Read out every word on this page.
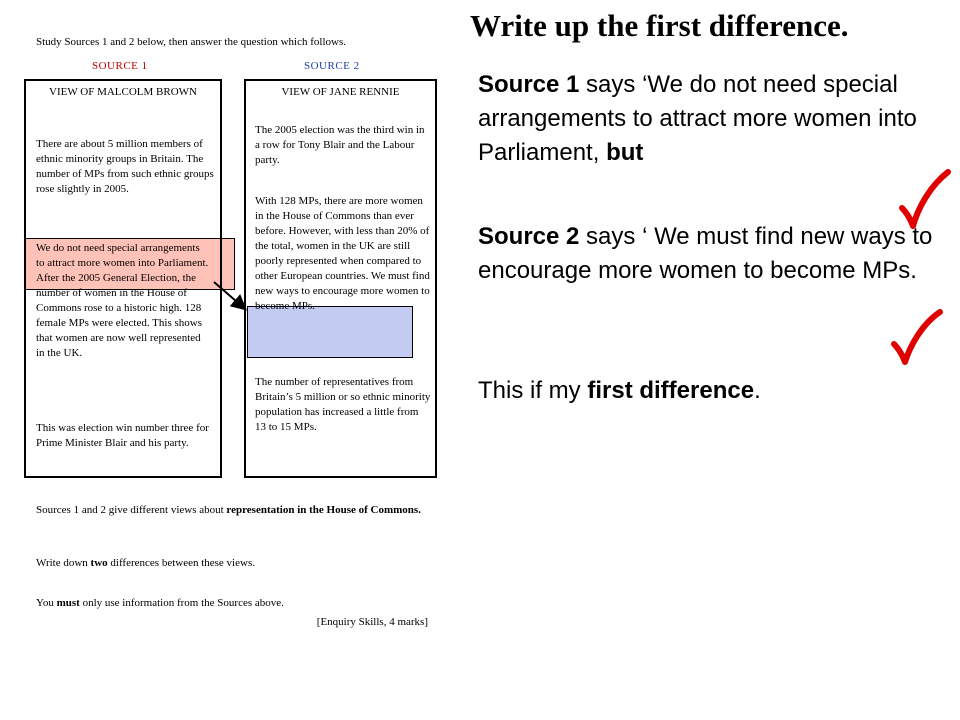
Study Sources 1 and 2 below, then answer the question which follows.
SOURCE 1	SOURCE 2
VIEW OF MALCOLM BROWN
There are about 5 million members of ethnic minority groups in Britain. The number of MPs from such ethnic groups rose slightly in 2005.
We do not need special arrangements to attract more women into Parliament. After the 2005 General Election, the number of women in the House of Commons rose to a historic high. 128 female MPs were elected. This shows that women are now well represented in the UK.
This was election win number three for Prime Minister Blair and his party.
VIEW OF JANE RENNIE
The 2005 election was the third win in a row for Tony Blair and the Labour party.
With 128 MPs, there are more women in the House of Commons than ever before. However, with less than 20% of the total, women in the UK are still poorly represented when compared to other European countries. We must find new ways to encourage more women to become MPs.
The number of representatives from Britain’s 5 million or so ethnic minority population has increased a little from 13 to 15 MPs.
Sources 1 and 2 give different views about representation in the House of Commons.
Write down two differences between these views.
You must only use information from the Sources above.
[Enquiry Skills, 4 marks]
Write up the first difference.

Source 1 says ‘We do not need special arrangements to attract more women into Parliament, but

Source 2 says ‘ We must find new ways to encourage more women to become MPs.

This if my first difference.
